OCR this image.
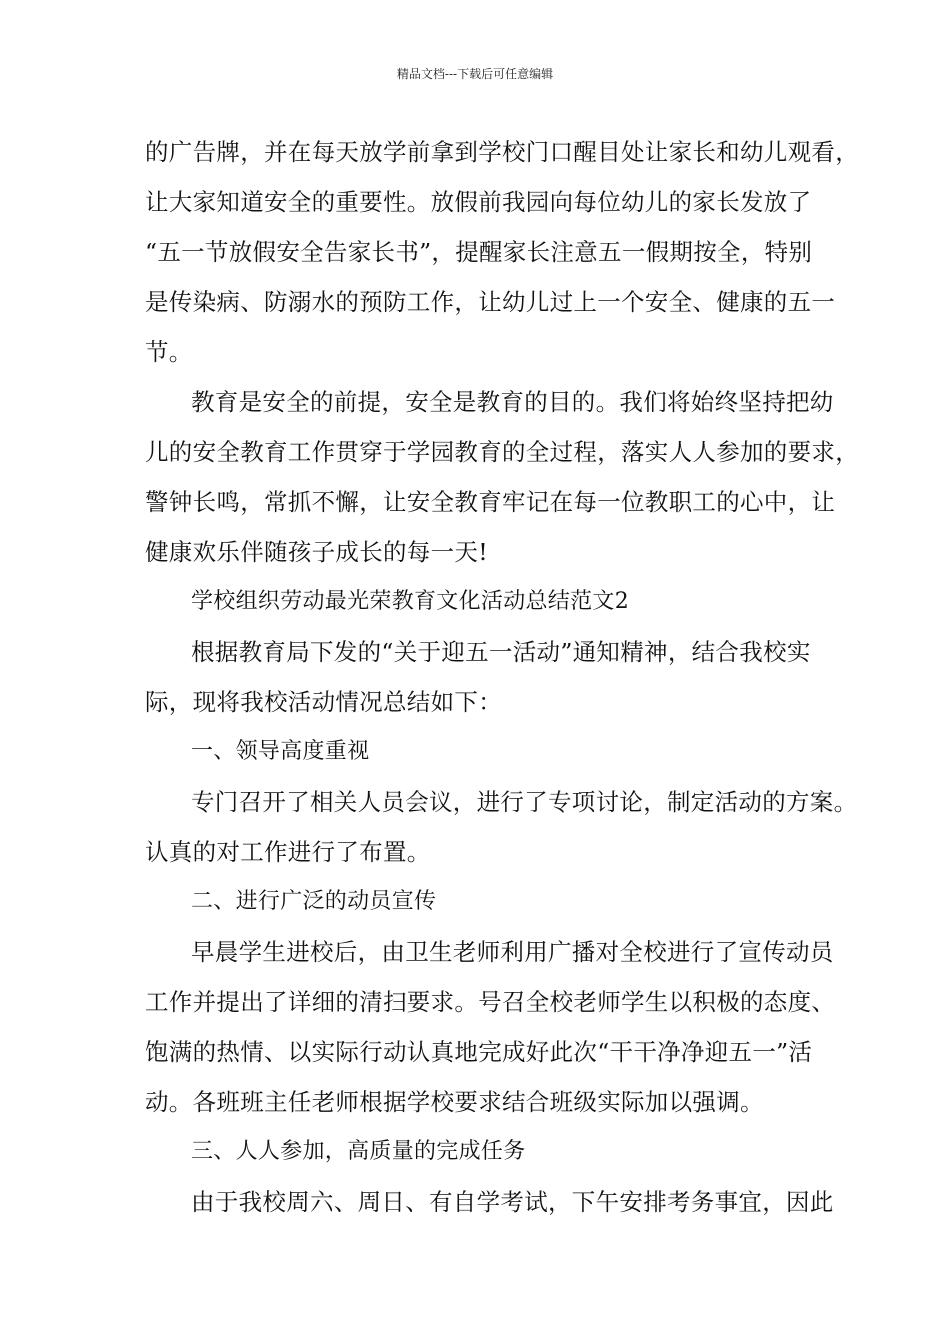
精品文档---下载后可任意编辑
的广告牌，并在每天放学前拿到学校门口醒目处让家长和幼儿观看，
让大家知道安全的重要性。放假前我园向每位幼儿的家长发放了
“五一节放假安全告家长书”，提醒家长注意五一假期按全，特别
是传染病、防溺水的预防工作，让幼儿过上一个安全、健康的五一
节。
教育是安全的前提，安全是教育的目的。我们将始终坚持把幼
儿的安全教育工作贯穿于学园教育的全过程，落实人人参加的要求，
警钟长鸣，常抓不懈，让安全教育牢记在每一位教职工的心中，让
健康欢乐伴随孩子成长的每一天!
学校组织劳动最光荣教育文化活动总结范文2
根据教育局下发的“关于迎五一活动”通知精神，结合我校实
际，现将我校活动情况总结如下：
一、领导高度重视
专门召开了相关人员会议，进行了专项讨论，制定活动的方案。
认真的对工作进行了布置。
二、进行广泛的动员宣传
早晨学生进校后，由卫生老师利用广播对全校进行了宣传动员
工作并提出了详细的清扫要求。号召全校老师学生以积极的态度、
饱满的热情、以实际行动认真地完成好此次“干干净净迎五一”活
动。各班班主任老师根据学校要求结合班级实际加以强调。
三、人人参加，高质量的完成任务
由于我校周六、周日、有自学考试，下午安排考务事宜，因此
